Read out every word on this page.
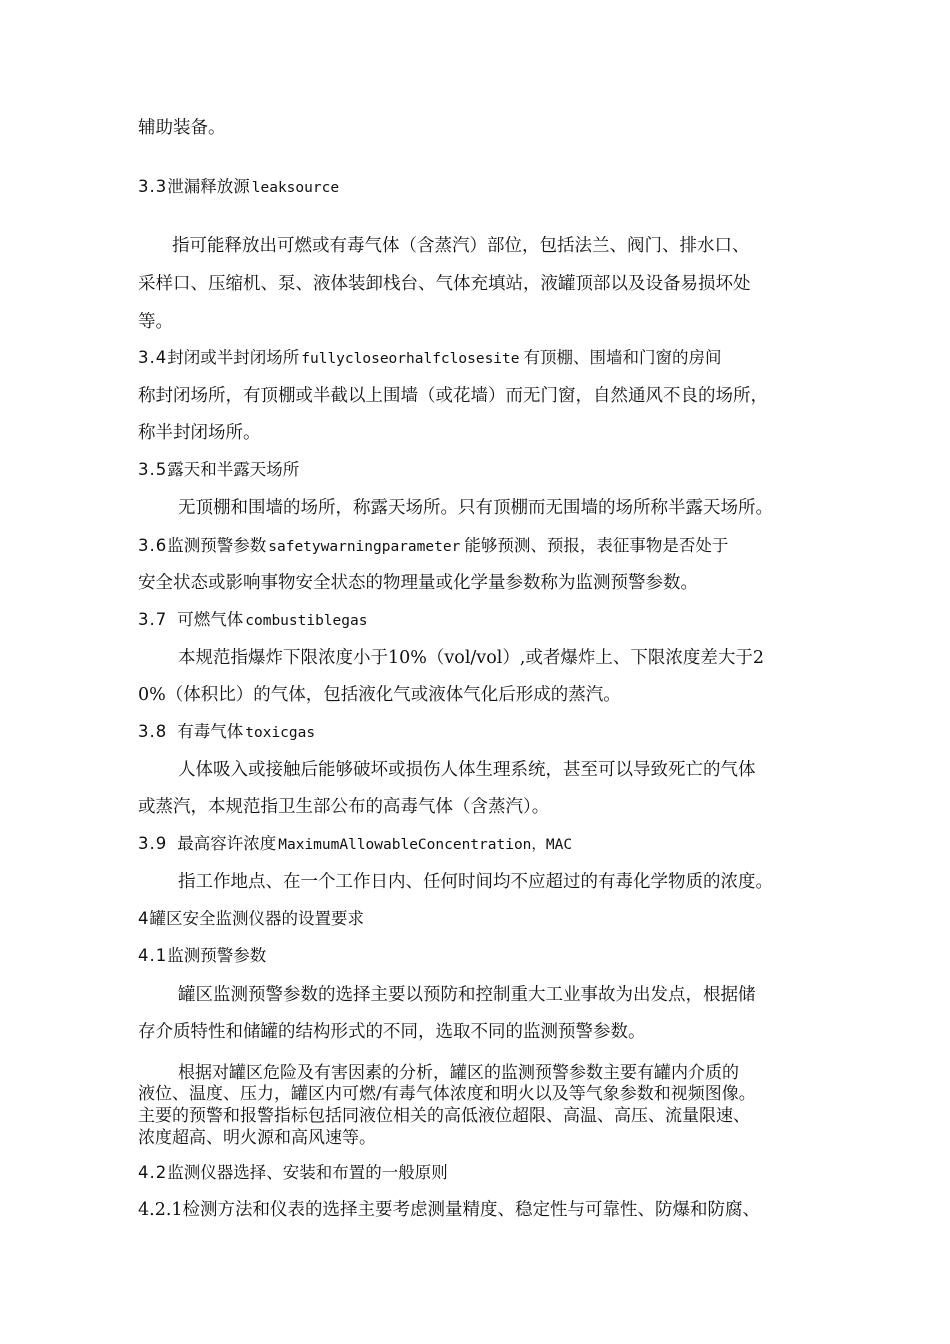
辅助装备。
3.3泄漏释放源 leaksource
指可能释放出可燃或有毒气体（含蒸汽）部位，包括法兰、阀门、排水口、
采样口、压缩机、泵、液体装卸栈台、气体充填站，液罐顶部以及设备易损坏处
等。
3.4封闭或半封闭场所 fullycloseorhalfclosesite 有顶棚、围墙和门窗的房间
称封闭场所，有顶棚或半截以上围墙（或花墙）而无门窗，自然通风不良的场所，
称半封闭场所。
3.5露天和半露天场所
无顶棚和围墙的场所，称露天场所。只有顶棚而无围墙的场所称半露天场所。
3.6监测预警参数 safetywarningparameter 能够预测、预报，表征事物是否处于
安全状态或影响事物安全状态的物理量或化学量参数称为监测预警参数。
3.7 可燃气体 combustiblegas
本规范指爆炸下限浓度小于10%（vol/vol）,或者爆炸上、下限浓度差大于2
0%（体积比）的气体，包括液化气或液体气化后形成的蒸汽。
3.8 有毒气体 toxicgas
人体吸入或接触后能够破坏或损伤人体生理系统，甚至可以导致死亡的气体
或蒸汽，本规范指卫生部公布的高毒气体（含蒸汽）。
3.9 最高容许浓度 MaximumAllowableConcentration，MAC
指工作地点、在一个工作日内、任何时间均不应超过的有毒化学物质的浓度。
4罐区安全监测仪器的设置要求
4.1监测预警参数
罐区监测预警参数的选择主要以预防和控制重大工业事故为出发点，根据储
存介质特性和储罐的结构形式的不同，选取不同的监测预警参数。
根据对罐区危险及有害因素的分析，罐区的监测预警参数主要有罐内介质的
液位、温度、压力，罐区内可燃/有毒气体浓度和明火以及等气象参数和视频图像。
主要的预警和报警指标包括同液位相关的高低液位超限、高温、高压、流量限速、
浓度超高、明火源和高风速等。
4.2监测仪器选择、安装和布置的一般原则
4.2.1检测方法和仪表的选择主要考虑测量精度、稳定性与可靠性、防爆和防腐、
